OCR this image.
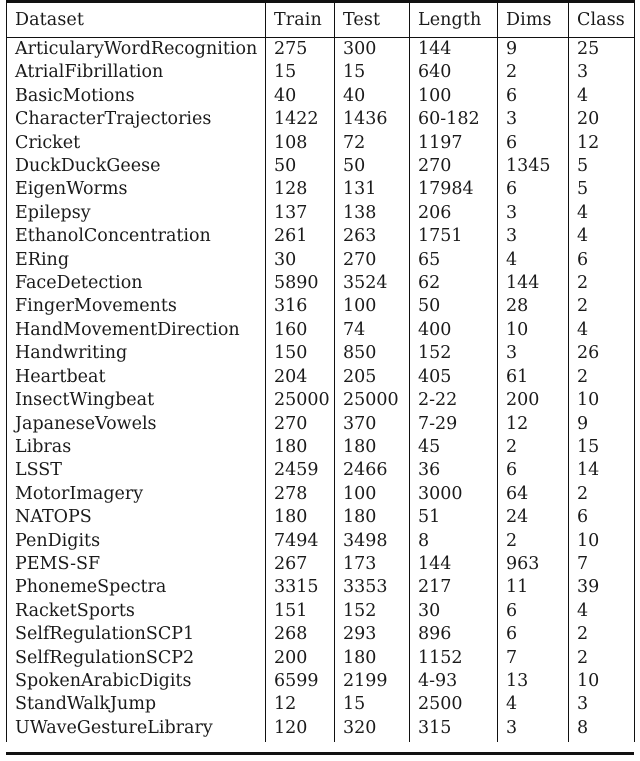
Dataset	Train	Test	Length	Dims	Class
ArticularyWordRecognition	275	300	144	9	25
AtrialFibrillation	15	15	640	2	3
BasicMotions	40	40	100	6	4
CharacterTrajectories	1422	1436	60-182	3	20
Cricket	108	72	1197	6	12
DuckDuckGeese	50	50	270	1345	5
EigenWorms	128	131	17984	6	5
Epilepsy	137	138	206	3	4
EthanolConcentration	261	263	1751	3	4
ERing	30	270	65	4	6
FaceDetection	5890	3524	62	144	2
FingerMovements	316	100	50	28	2
HandMovementDirection	160	74	400	10	4
Handwriting	150	850	152	3	26
Heartbeat	204	205	405	61	2
InsectWingbeat	25000	25000	2-22	200	10
JapaneseVowels	270	370	7-29	12	9
Libras	180	180	45	2	15
LSST	2459	2466	36	6	14
MotorImagery	278	100	3000	64	2
NATOPS	180	180	51	24	6
PenDigits	7494	3498	8	2	10
PEMS-SF	267	173	144	963	7
PhonemeSpectra	3315	3353	217	11	39
RacketSports	151	152	30	6	4
SelfRegulationSCP1	268	293	896	6	2
SelfRegulationSCP2	200	180	1152	7	2
SpokenArabicDigits	6599	2199	4-93	13	10
StandWalkJump	12	15	2500	4	3
UWaveGestureLibrary	120	320	315	3	8
